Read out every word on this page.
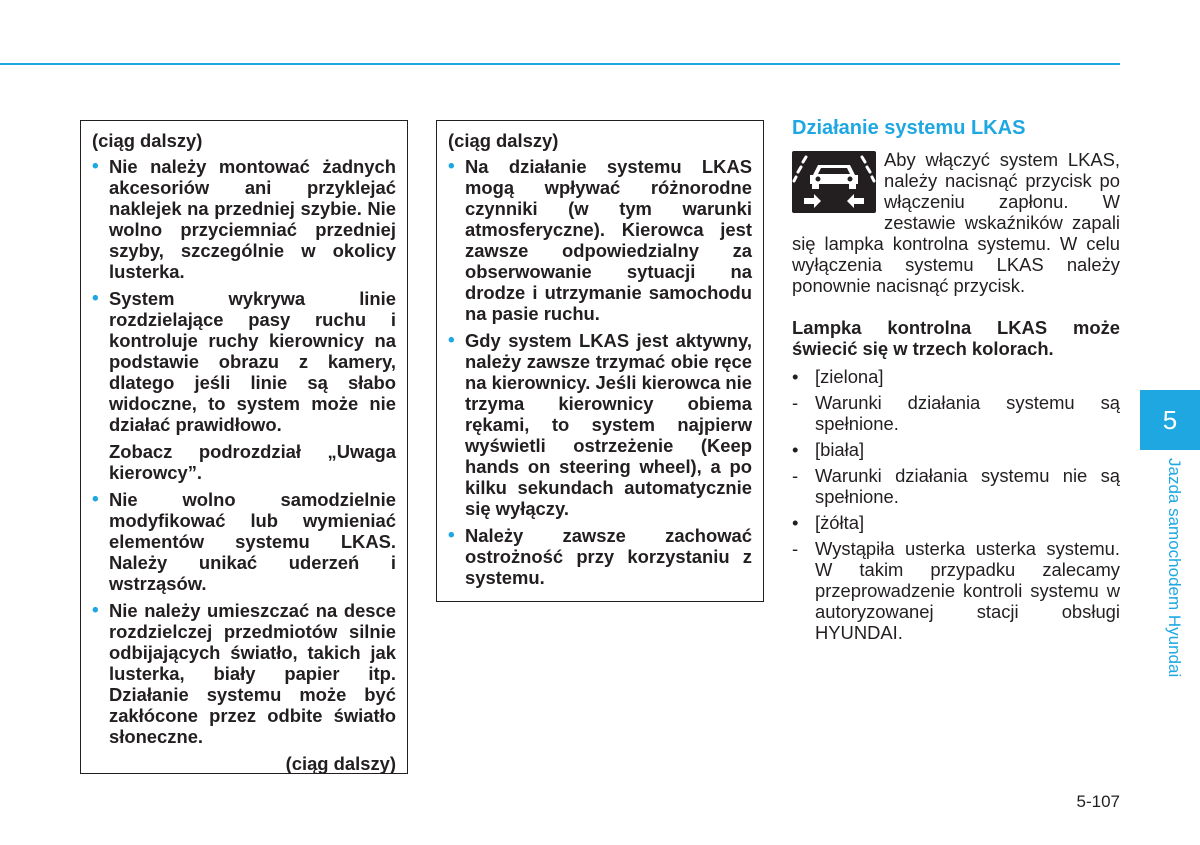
(ciąg dalszy)

• Nie należy montować żadnych akcesoriów ani przyklejać naklejek na przedniej szybie. Nie wolno przyciemniać przedniej szyby, szczególnie w okolicy lusterka.
• System wykrywa linie rozdzielające pasy ruchu i kontroluje ruchy kierownicy na podstawie obrazu z kamery, dlatego jeśli linie są słabo widoczne, to system może nie działać prawidłowo.

Zobacz podrozdział „Uwaga kierowcy”.

• Nie wolno samodzielnie modyfikować lub wymieniać elementów systemu LKAS. Należy unikać uderzeń i wstrząsów.
• Nie należy umieszczać na desce rozdzielczej przedmiotów silnie odbijających światło, takich jak lusterka, biały papier itp. Działanie systemu może być zakłócone przez odbite światło słoneczne.

(ciąg dalszy)

(ciąg dalszy)

• Na działanie systemu LKAS mogą wpływać różnorodne czynniki (w tym warunki atmosferyczne). Kierowca jest zawsze odpowiedzialny za obserwowanie sytuacji na drodze i utrzymanie samochodu na pasie ruchu.
• Gdy system LKAS jest aktywny, należy zawsze trzymać obie ręce na kierownicy. Jeśli kierowca nie trzyma kierownicy obiema rękami, to system najpierw wyświetli ostrzeżenie (Keep hands on steering wheel), a po kilku sekundach automatycznie się wyłączy.
• Należy zawsze zachować ostrożność przy korzystaniu z systemu.

Działanie systemu LKAS

Aby włączyć system LKAS, należy nacisnąć przycisk po włączeniu zapłonu. W zestawie wskaźników zapali się lampka kontrolna systemu. W celu wyłączenia systemu LKAS należy ponownie nacisnąć przycisk.

Lampka kontrolna LKAS może świecić się w trzech kolorach.

• [zielona]
- Warunki działania systemu są spełnione.
• [biała]
- Warunki działania systemu nie są spełnione.
• [żółta]
- Wystąpiła usterka usterka systemu. W takim przypadku zalecamy przeprowadzenie kontroli systemu w autoryzowanej stacji obsługi HYUNDAI.
5
Jazda samochodem Hyundai
5-107
